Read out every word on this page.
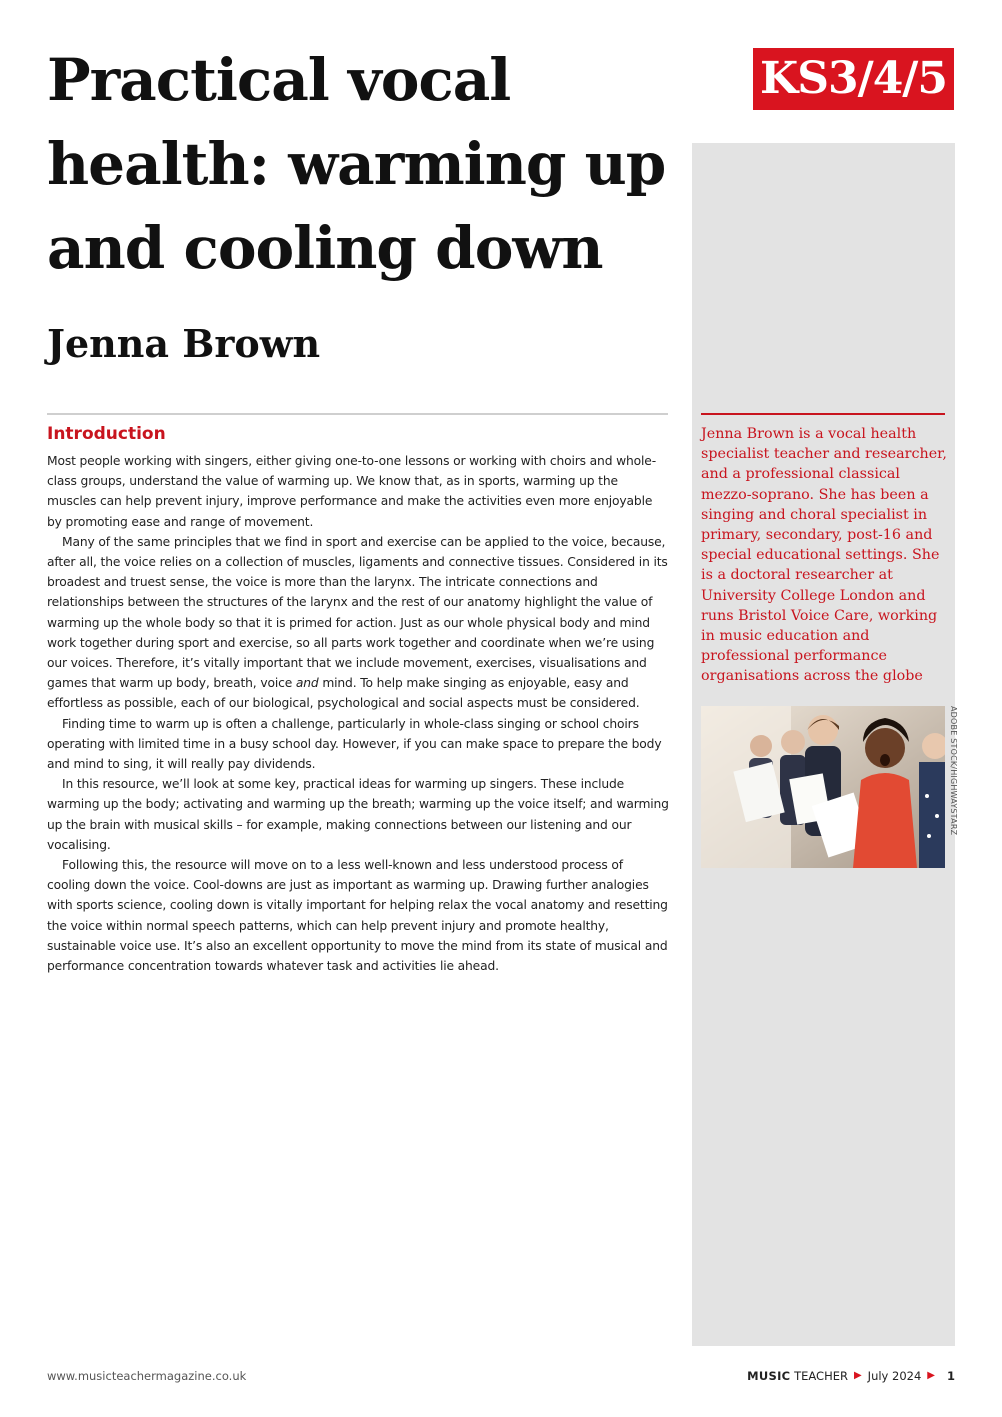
Practical vocal health: warming up and cooling down
KS3/4/5
Jenna Brown
Introduction

Most people working with singers, either giving one-to-one lessons or working with choirs and whole-class groups, understand the value of warming up. We know that, as in sports, warming up the muscles can help prevent injury, improve performance and make the activities even more enjoyable by promoting ease and range of movement.

Many of the same principles that we find in sport and exercise can be applied to the voice, because, after all, the voice relies on a collection of muscles, ligaments and connective tissues. Considered in its broadest and truest sense, the voice is more than the larynx. The intricate connections and relationships between the structures of the larynx and the rest of our anatomy highlight the value of warming up the whole body so that it is primed for action. Just as our whole physical body and mind work together during sport and exercise, so all parts work together and coordinate when we’re using our voices. Therefore, it’s vitally important that we include movement, exercises, visualisations and games that warm up body, breath, voice and mind. To help make singing as enjoyable, easy and effortless as possible, each of our biological, psychological and social aspects must be considered.

Finding time to warm up is often a challenge, particularly in whole-class singing or school choirs operating with limited time in a busy school day. However, if you can make space to prepare the body and mind to sing, it will really pay dividends.

In this resource, we’ll look at some key, practical ideas for warming up singers. These include warming up the body; activating and warming up the breath; warming up the voice itself; and warming up the brain with musical skills – for example, making connections between our listening and our vocalising.

Following this, the resource will move on to a less well-known and less understood process of cooling down the voice. Cool-downs are just as important as warming up. Drawing further analogies with sports science, cooling down is vitally important for helping relax the vocal anatomy and resetting the voice within normal speech patterns, which can help prevent injury and promote healthy, sustainable voice use. It’s also an excellent opportunity to move the mind from its state of musical and performance concentration towards whatever task and activities lie ahead.

Jenna Brown is a vocal health specialist teacher and researcher, and a professional classical mezzo-soprano. She has been a singing and choral specialist in primary, secondary, post-16 and special educational settings. She is a doctoral researcher at University College London and runs Bristol Voice Care, working in music education and professional performance organisations across the globe
ADOBE STOCK/HIGHWAYSTARZ
www.musicteachermagazine.co.uk	MUSIC TEACHER ▶ July 2024 ▶ 1
